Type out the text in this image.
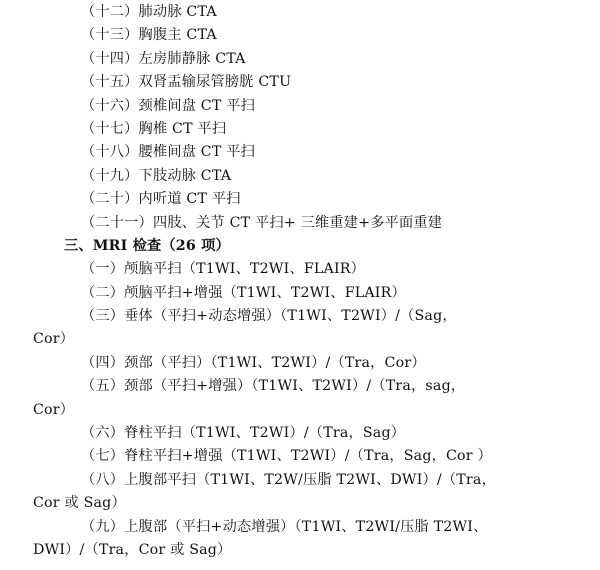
（十二）肺动脉 CTA
（十三）胸腹主 CTA
（十四）左房肺静脉 CTA
（十五）双肾盂输尿管膀胱 CTU
（十六）颈椎间盘 CT 平扫
（十七）胸椎 CT 平扫
（十八）腰椎间盘 CT 平扫
（十九）下肢动脉 CTA
（二十）内听道 CT 平扫
（二十一）四肢、关节 CT 平扫+ 三维重建+多平面重建
三、MRI 检查（26 项）
（一）颅脑平扫（T1WI、T2WI、FLAIR）
（二）颅脑平扫+增强（T1WI、T2WI、FLAIR）
（三）垂体（平扫+动态增强）（T1WI、T2WI）/（Sag，
Cor）
（四）颈部（平扫）（T1WI、T2WI）/（Tra，Cor）
（五）颈部（平扫+增强）（T1WI、T2WI）/（Tra，sag，
Cor）
（六）脊柱平扫（T1WI、T2WI）/（Tra，Sag）
（七）脊柱平扫+增强（T1WI、T2WI）/（Tra，Sag，Cor ）
（八）上腹部平扫（T1WI、T2W/压脂 T2WI、DWI）/（Tra，
Cor 或 Sag）
（九）上腹部（平扫+动态增强）（T1WI、T2WI/压脂 T2WI、
DWI）/（Tra，Cor 或 Sag）
